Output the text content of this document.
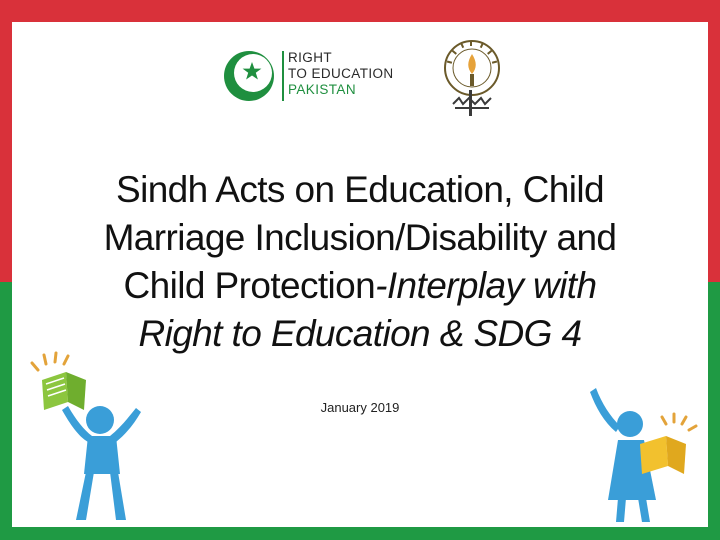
RIGHT
TO EDUCATION
PAKISTAN
Sindh Acts on Education, Child
Marriage Inclusion/Disability and
Child Protection-Interplay with
Right to Education & SDG 4
January 2019
